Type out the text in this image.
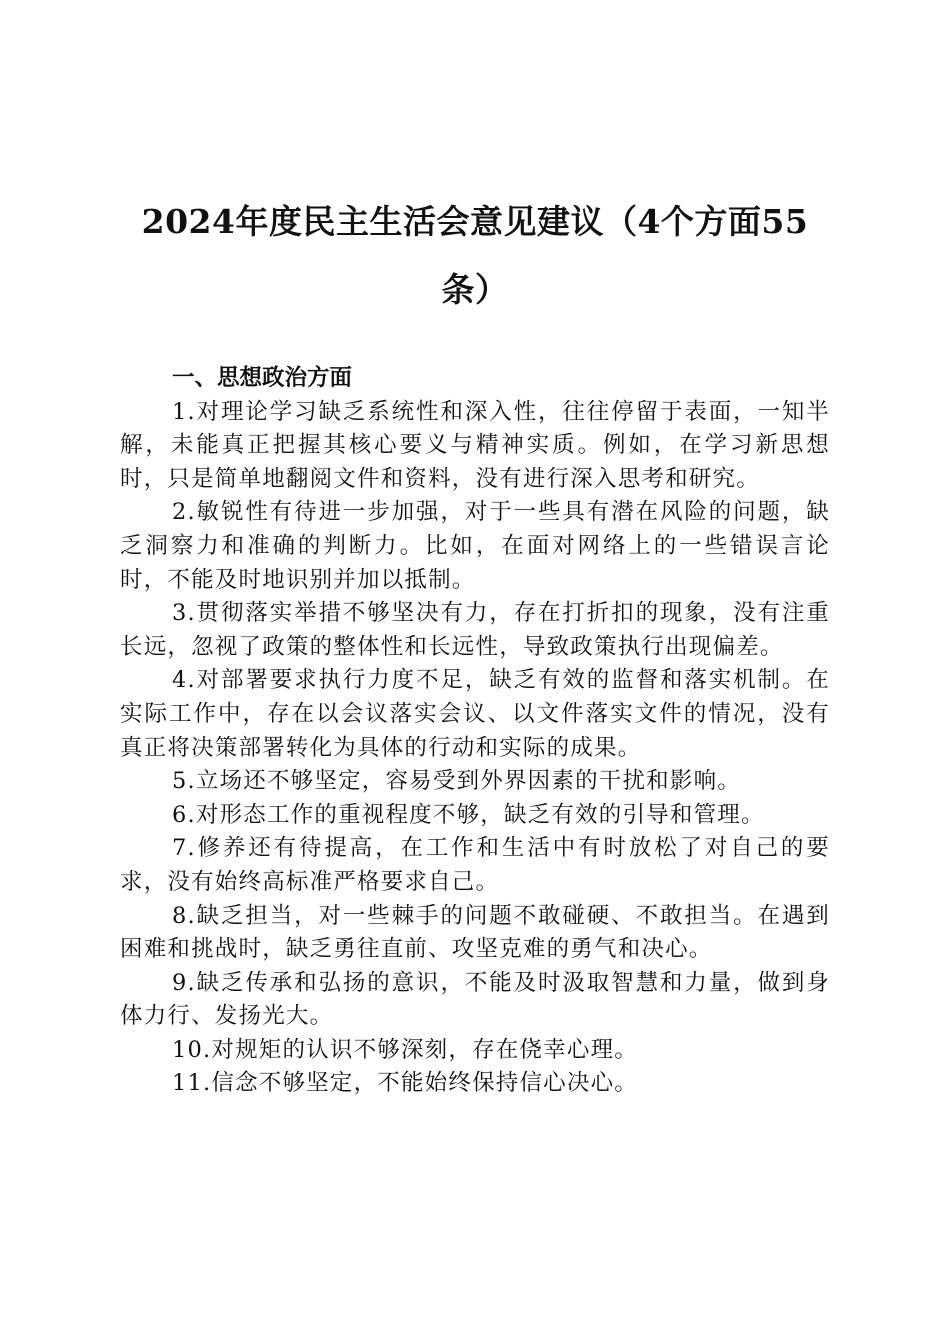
2024年度民主生活会意见建议（4个方面55
条）

一、思想政治方面

1.对理论学习缺乏系统性和深入性，往往停留于表面，一知半解，未能真正把握其核心要义与精神实质。例如，在学习新思想时，只是简单地翻阅文件和资料，没有进行深入思考和研究。

2.敏锐性有待进一步加强，对于一些具有潜在风险的问题，缺乏洞察力和准确的判断力。比如，在面对网络上的一些错误言论时，不能及时地识别并加以抵制。

3.贯彻落实举措不够坚决有力，存在打折扣的现象，没有注重长远，忽视了政策的整体性和长远性，导致政策执行出现偏差。

4.对部署要求执行力度不足，缺乏有效的监督和落实机制。在实际工作中，存在以会议落实会议、以文件落实文件的情况，没有真正将决策部署转化为具体的行动和实际的成果。

5.立场还不够坚定，容易受到外界因素的干扰和影响。

6.对形态工作的重视程度不够，缺乏有效的引导和管理。

7.修养还有待提高，在工作和生活中有时放松了对自己的要求，没有始终高标准严格要求自己。

8.缺乏担当，对一些棘手的问题不敢碰硬、不敢担当。在遇到困难和挑战时，缺乏勇往直前、攻坚克难的勇气和决心。

9.缺乏传承和弘扬的意识，不能及时汲取智慧和力量，做到身体力行、发扬光大。

10.对规矩的认识不够深刻，存在侥幸心理。

11.信念不够坚定，不能始终保持信心决心。
